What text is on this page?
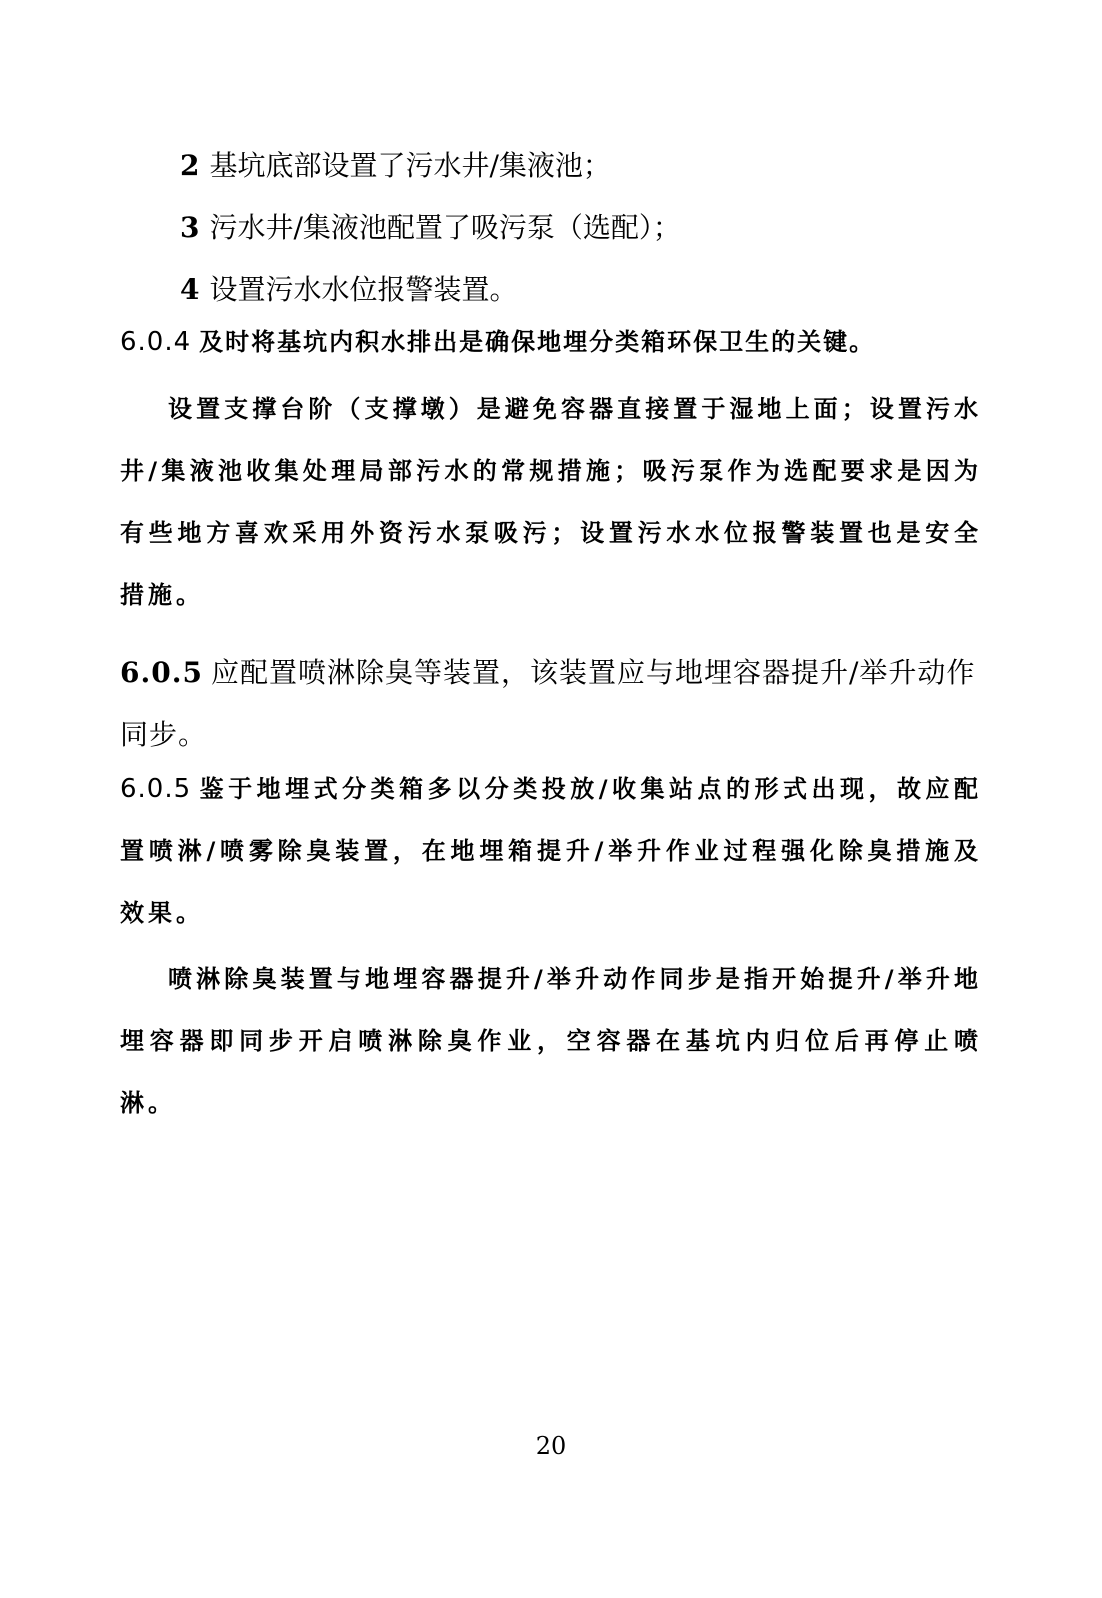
2 基坑底部设置了污水井/集液池；
3 污水井/集液池配置了吸污泵（选配）；
4 设置污水水位报警装置。
6.0.4 及时将基坑内积水排出是确保地埋分类箱环保卫生的关键。
设置支撑台阶（支撑墩）是避免容器直接置于湿地上面；设置污水井/集液池收集处理局部污水的常规措施；吸污泵作为选配要求是因为有些地方喜欢采用外资污水泵吸污；设置污水水位报警装置也是安全措施。
6.0.5 应配置喷淋除臭等装置，该装置应与地埋容器提升/举升动作同步。
6.0.5 鉴于地埋式分类箱多以分类投放/收集站点的形式出现，故应配置喷淋/喷雾除臭装置，在地埋箱提升/举升作业过程强化除臭措施及效果。
喷淋除臭装置与地埋容器提升/举升动作同步是指开始提升/举升地埋容器即同步开启喷淋除臭作业，空容器在基坑内归位后再停止喷淋。
20
